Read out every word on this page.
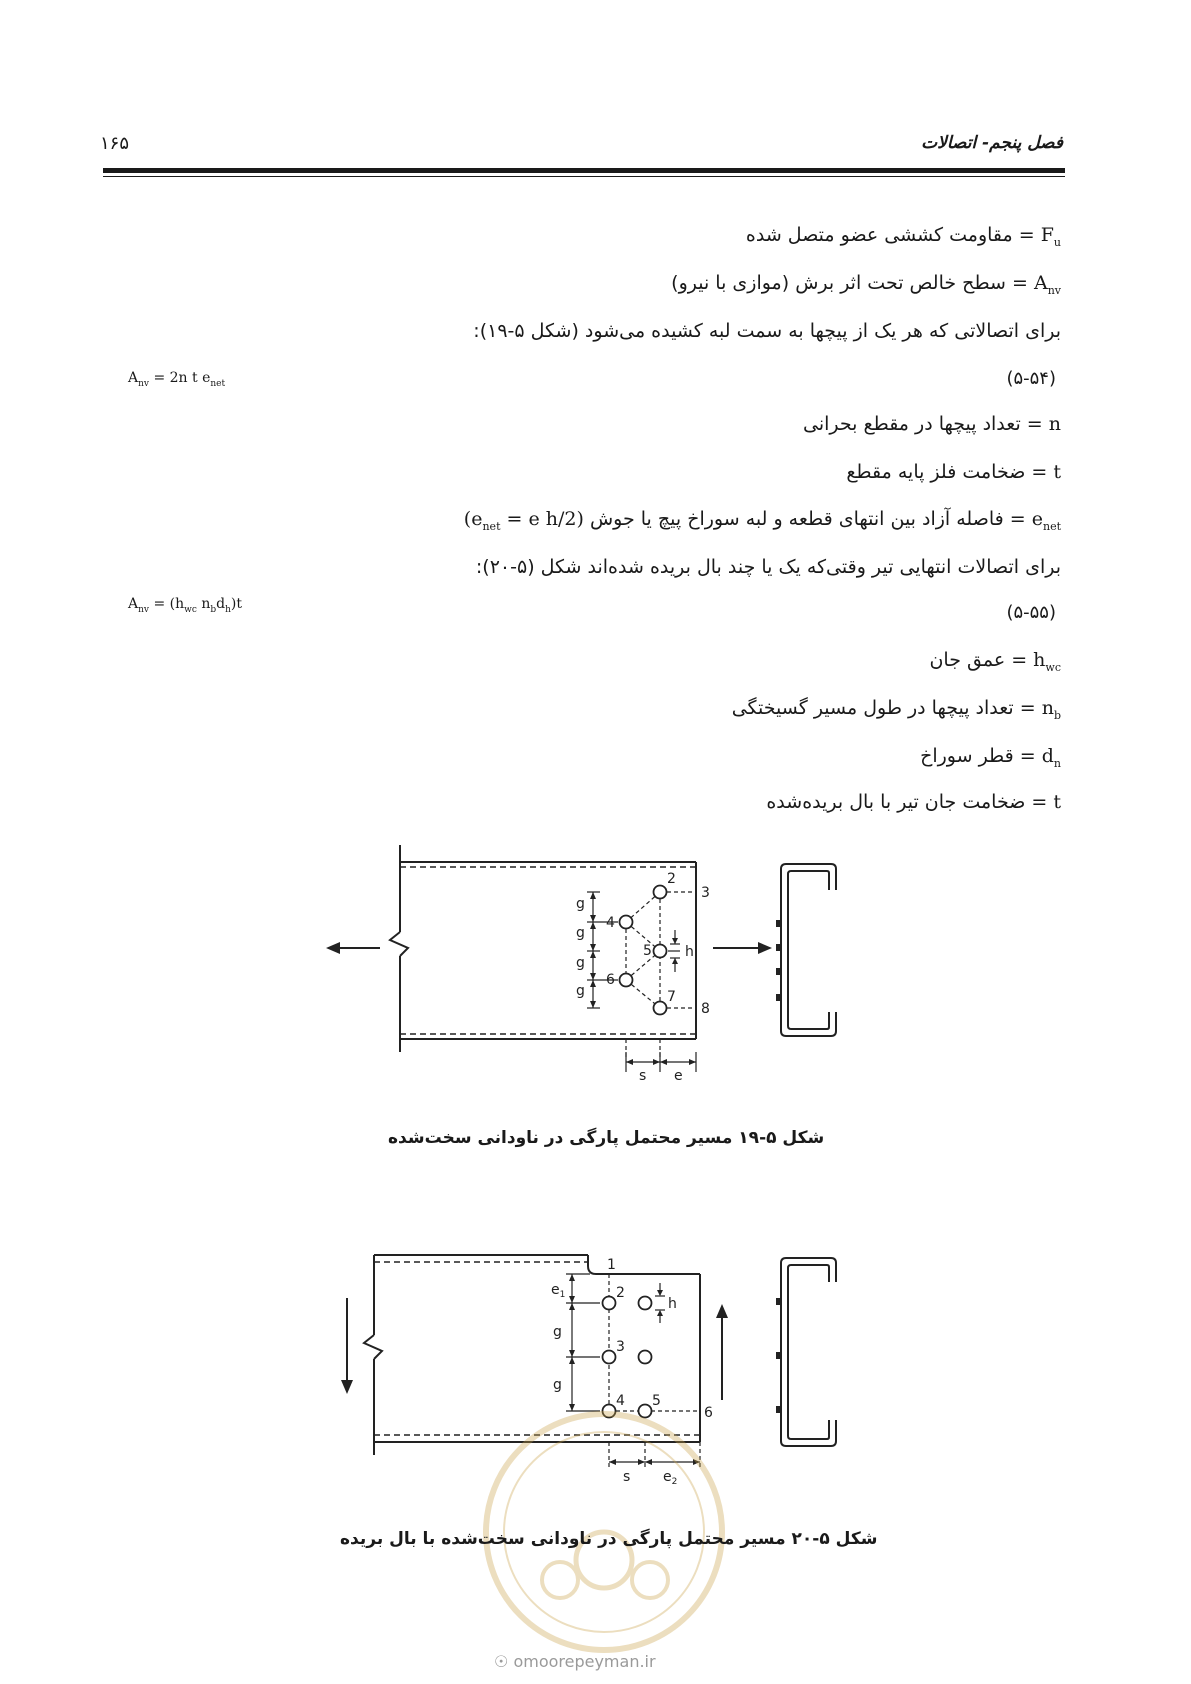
۱۶۵	فصل پنجم- اتصالات
$F_u$ = مقاومت کششی عضو متصل شده
$A_{nv}$ = سطح خالص تحت اثر برش (موازی با نیرو)
برای اتصالاتی که هر یک از پیچها به سمت لبه کشیده می‌شود (شکل ۵-۱۹):
(۵-۵۴)
$A_{nv} = 2n$ t $e_{net}$
n = تعداد پیچها در مقطع بحرانی
t = ضخامت فلز پایه مقطع
$e_{net}$ = فاصله آزاد بین انتهای قطعه و لبه سوراخ پیچ یا جوش ($e_{net} = e$ h/2)
برای اتصالات انتهایی تیر وقتی‌که یک یا چند بال بریده شده‌اند شکل (۵-۲۰):
(۵-۵۵)
$A_{nv} = (h_{wc}$ $n_bd_h)t$
$h_{wc}$ = عمق جان
$n_b$ = تعداد پیچها در طول مسیر گسیختگی
$d_n$ = قطر سوراخ
t = ضخامت جان تیر با بال بریده‌شده
g
g
g
g
h
s e
2
3
4
5
6
7
8
$e_1$
g
g
h
s $e_2$
1
2
3
4 5
6
شکل ۵-۱۹ مسیر محتمل پارگی در ناودانی سخت‌شده
شکل ۵-۲۰ مسیر محتمل پارگی در ناودانی سخت‌شده با بال بریده
☉ omoorepeyman.ir
